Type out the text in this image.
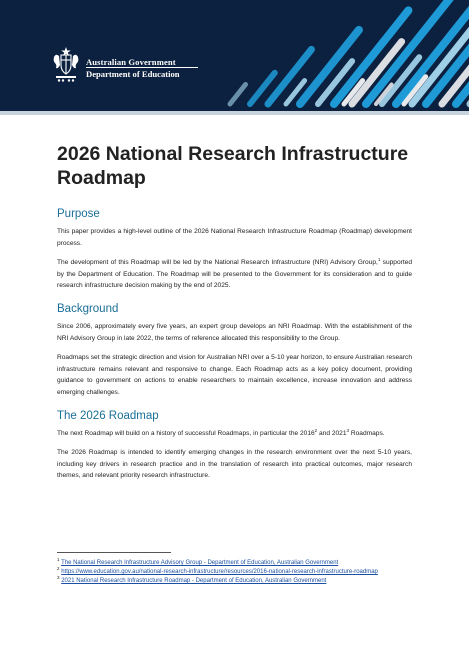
Australian Government
Department of Education
2026 National Research Infrastructure Roadmap
Purpose

This paper provides a high-level outline of the 2026 National Research Infrastructure Roadmap (Roadmap) development process.

The development of this Roadmap will be led by the National Research Infrastructure (NRI) Advisory Group,$^1$ supported by the Department of Education. The Roadmap will be presented to the Government for its consideration and to guide research infrastructure decision making by the end of 2025.

Background

Since 2006, approximately every five years, an expert group develops an NRI Roadmap. With the establishment of the NRI Advisory Group in late 2022, the terms of reference allocated this responsibility to the Group.

Roadmaps set the strategic direction and vision for Australian NRI over a 5-10 year horizon, to ensure Australian research infrastructure remains relevant and responsive to change. Each Roadmap acts as a key policy document, providing guidance to government on actions to enable researchers to maintain excellence, increase innovation and address emerging challenges.

The 2026 Roadmap

The next Roadmap will build on a history of successful Roadmaps, in particular the 2016$^2$ and 2021$^3$ Roadmaps.

The 2026 Roadmap is intended to identify emerging changes in the research environment over the next 5-10 years, including key drivers in research practice and in the translation of research into practical outcomes, major research themes, and relevant priority research infrastructure.

$^1$ The National Research Infrastructure Advisory Group - Department of Education, Australian Government
$^2$ https://www.education.gov.au/national-research-infrastructure/resources/2016-national-research-infrastructure-roadmap
$^3$ 2021 National Research Infrastructure Roadmap - Department of Education, Australian Government
